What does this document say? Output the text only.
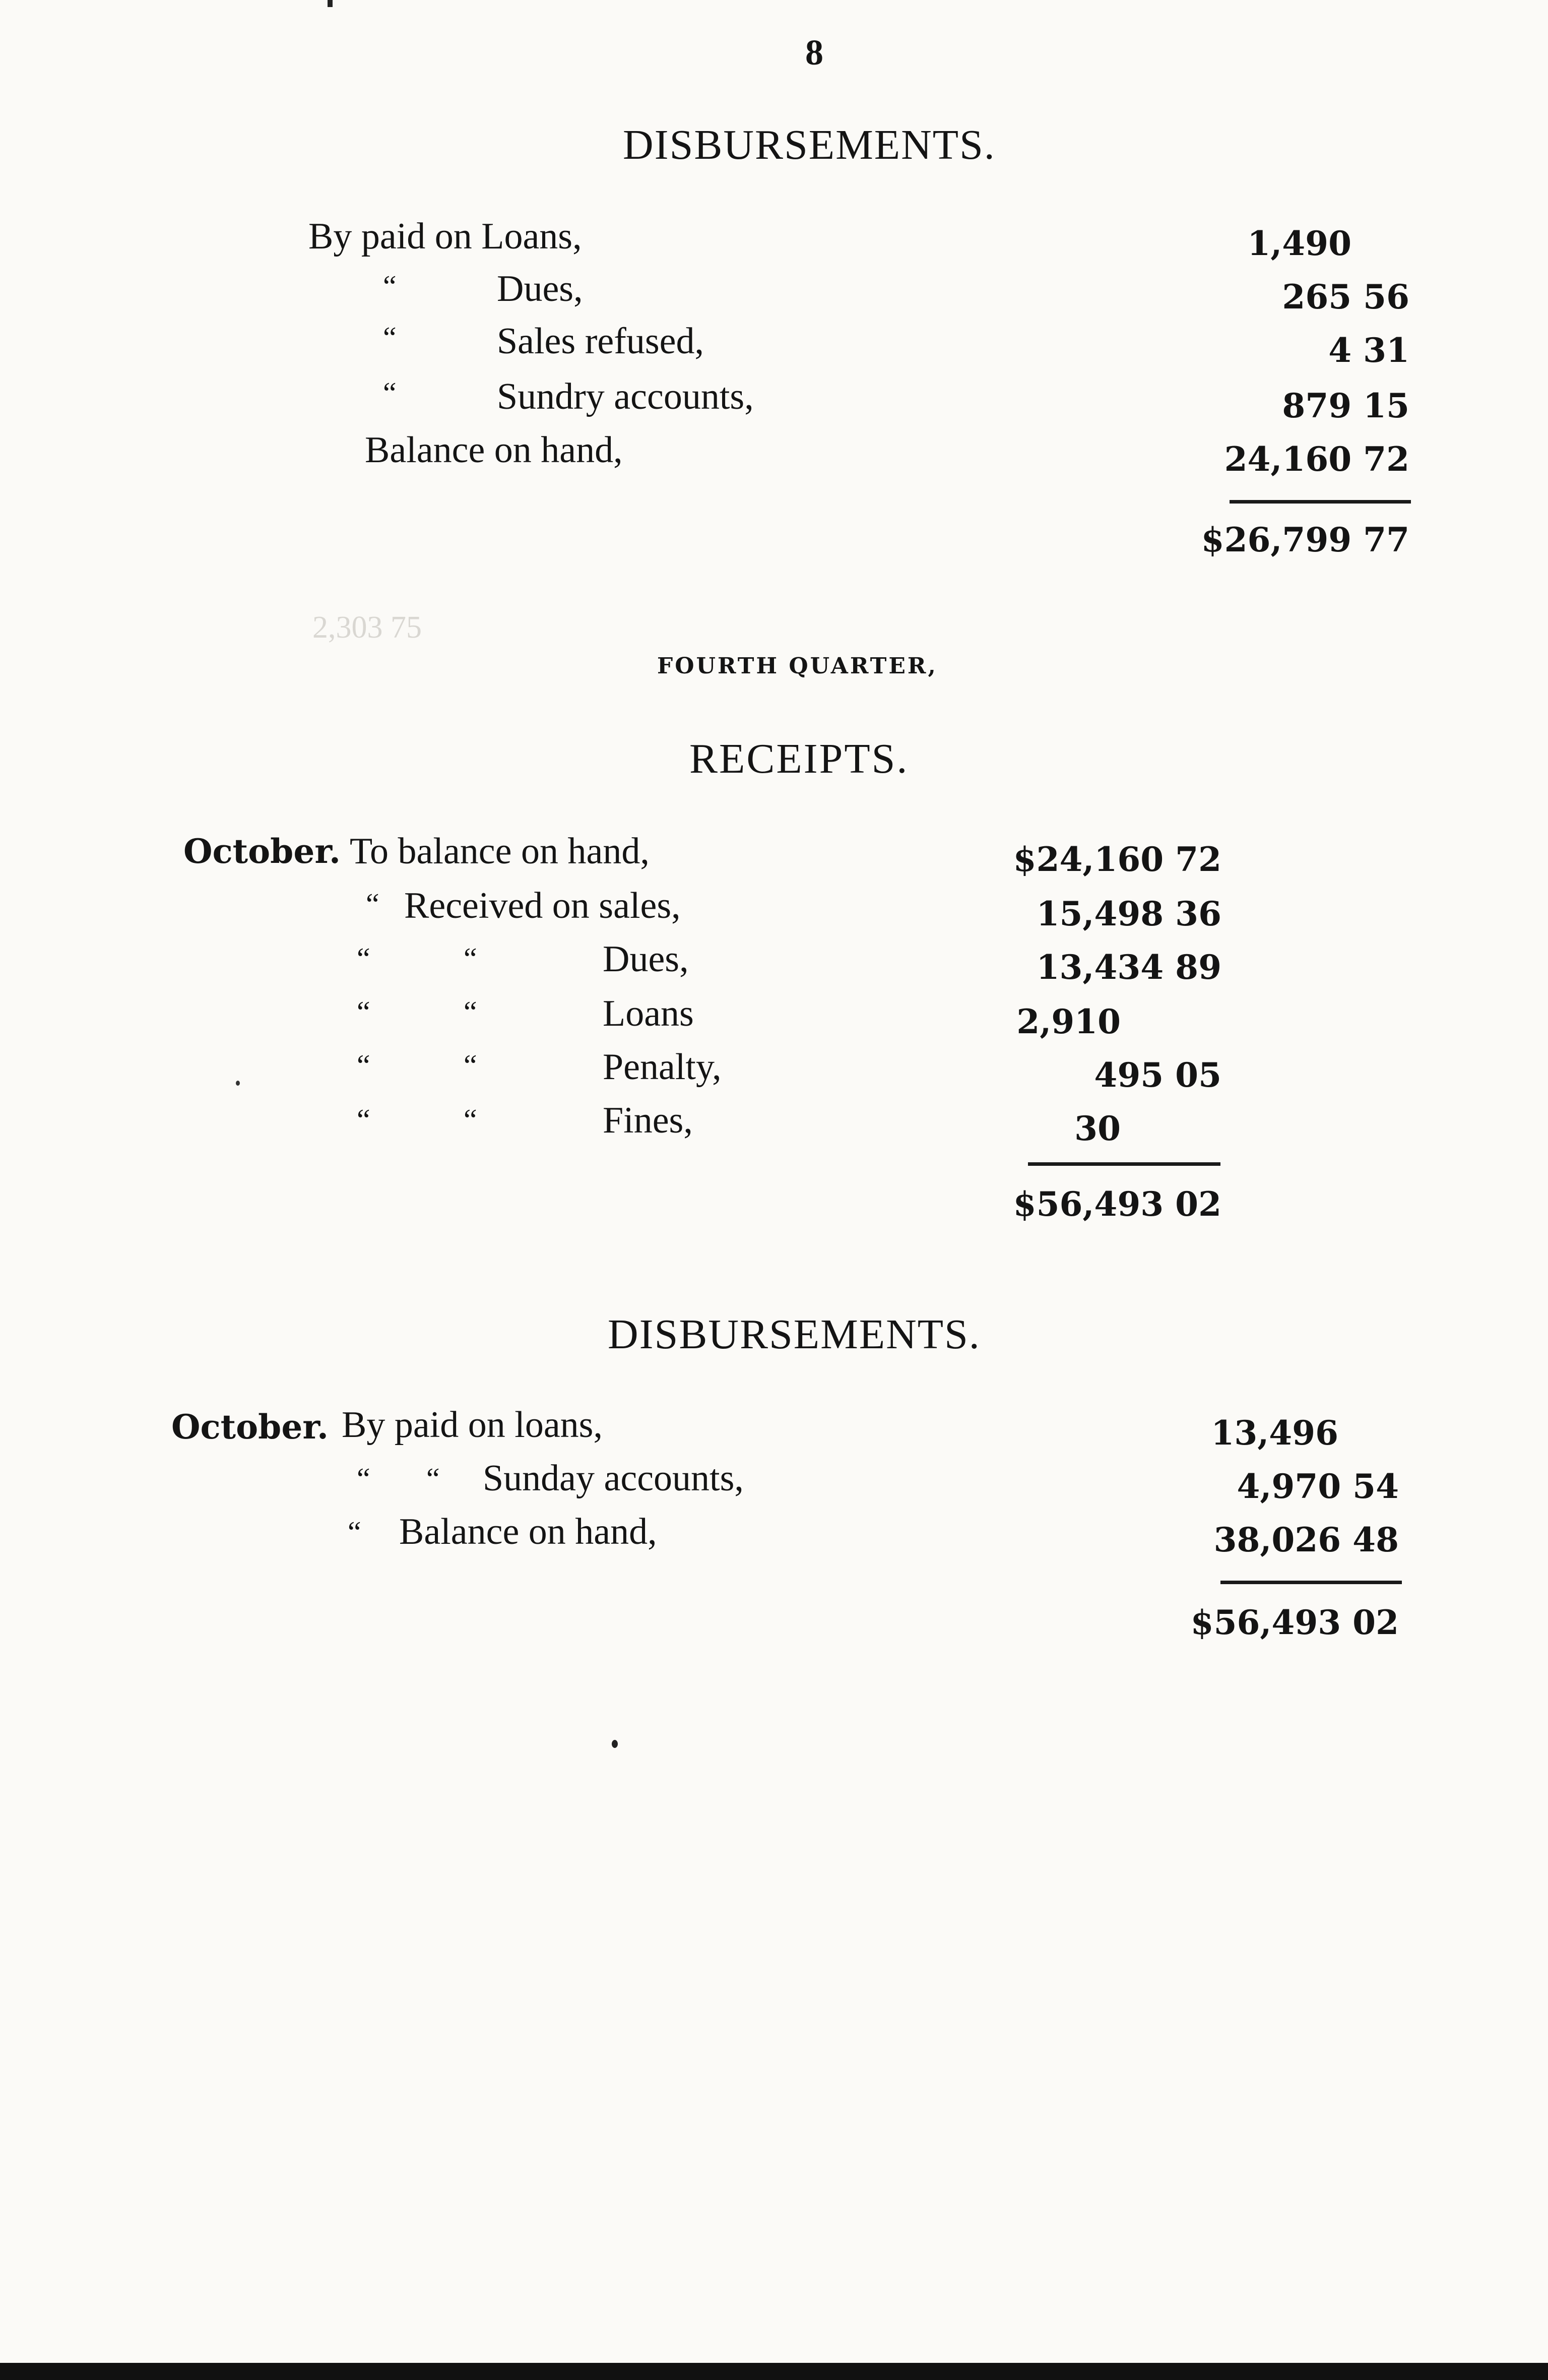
2,303 75

8
DISBURSEMENTS.
By paid on Loans,	1,490
“	Dues,	265 56
“	Sales refused,	4 31
“	Sundry accounts,	879 15
Balance on hand,	24,160 72
$26,799 77
FOURTH QUARTER,
RECEIPTS.
October. To balance on hand,	$24,160 72
“ Received on sales,	15,498 36
“	“	Dues,	13,434 89
“	“	Loans	2,910
“	“	Penalty,	495 05
“	“	Fines,	30
$56,493 02
DISBURSEMENTS.
October. By paid on loans,	13,496
“ “ Sunday accounts,	4,970 54
“ Balance on hand,	38,026 48
$56,493 02
